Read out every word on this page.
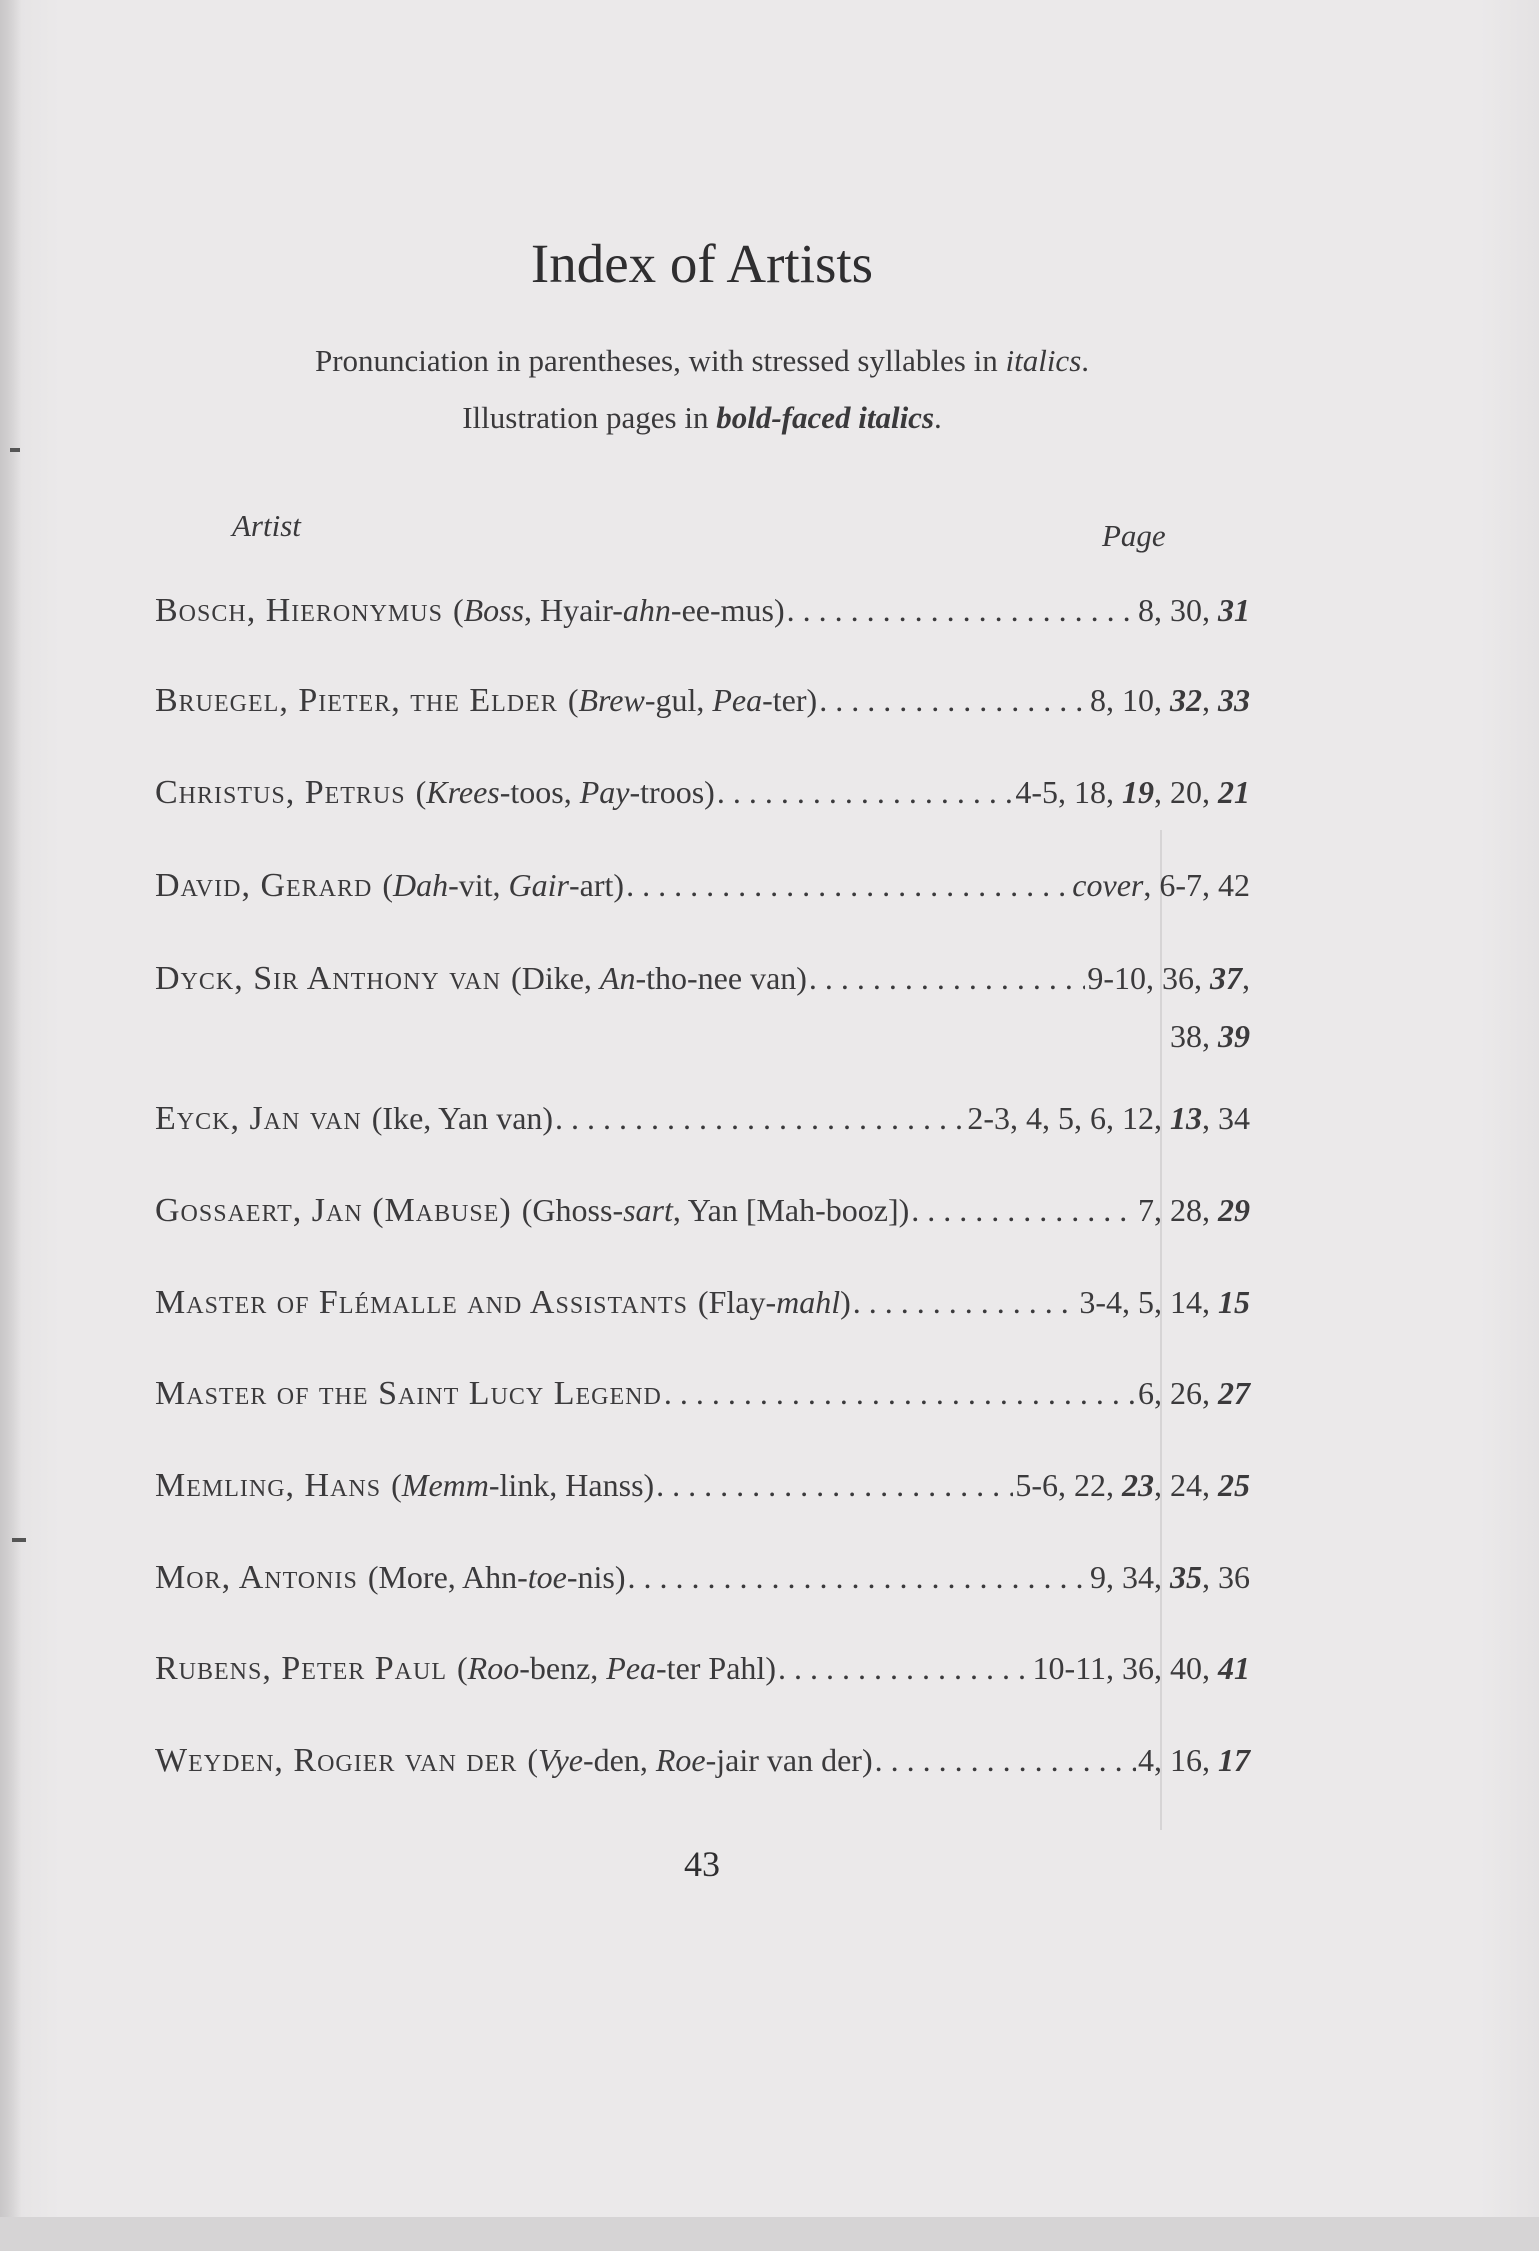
Index of Artists
Pronunciation in parentheses, with stressed syllables in italics.
Illustration pages in bold-faced italics.
Artist	Page
Bosch, Hieronymus (Boss, Hyair-ahn-ee-mus) . . .	8, 30, 31
Bruegel, Pieter, the Elder (Brew-gul, Pea-ter) . . .	8, 10, 32, 33
Christus, Petrus (Krees-toos, Pay-troos) . . .	4-5, 18, 19, 20, 21
David, Gerard (Dah-vit, Gair-art) . . .	cover, 6-7, 42
Dyck, Sir Anthony van (Dike, An-tho-nee van) . . .	9-10, 36, 37,
38, 39
Eyck, Jan van (Ike, Yan van) . . .	2-3, 4, 5, 6, 12, 13, 34
Gossaert, Jan (Mabuse) (Ghoss-sart, Yan [Mah-booz]) . . .	7, 28, 29
Master of Flémalle and Assistants (Flay-mahl) . . .	3-4, 5, 14, 15
Master of the Saint Lucy Legend . . .	6, 26, 27
Memling, Hans (Memm-link, Hanss) . . .	5-6, 22, 23, 24, 25
Mor, Antonis (More, Ahn-toe-nis) . . .	9, 34, 35, 36
Rubens, Peter Paul (Roo-benz, Pea-ter Pahl) . . .	10-11, 36, 40, 41
Weyden, Rogier van der (Vye-den, Roe-jair van der) . . .	4, 16, 17
43
